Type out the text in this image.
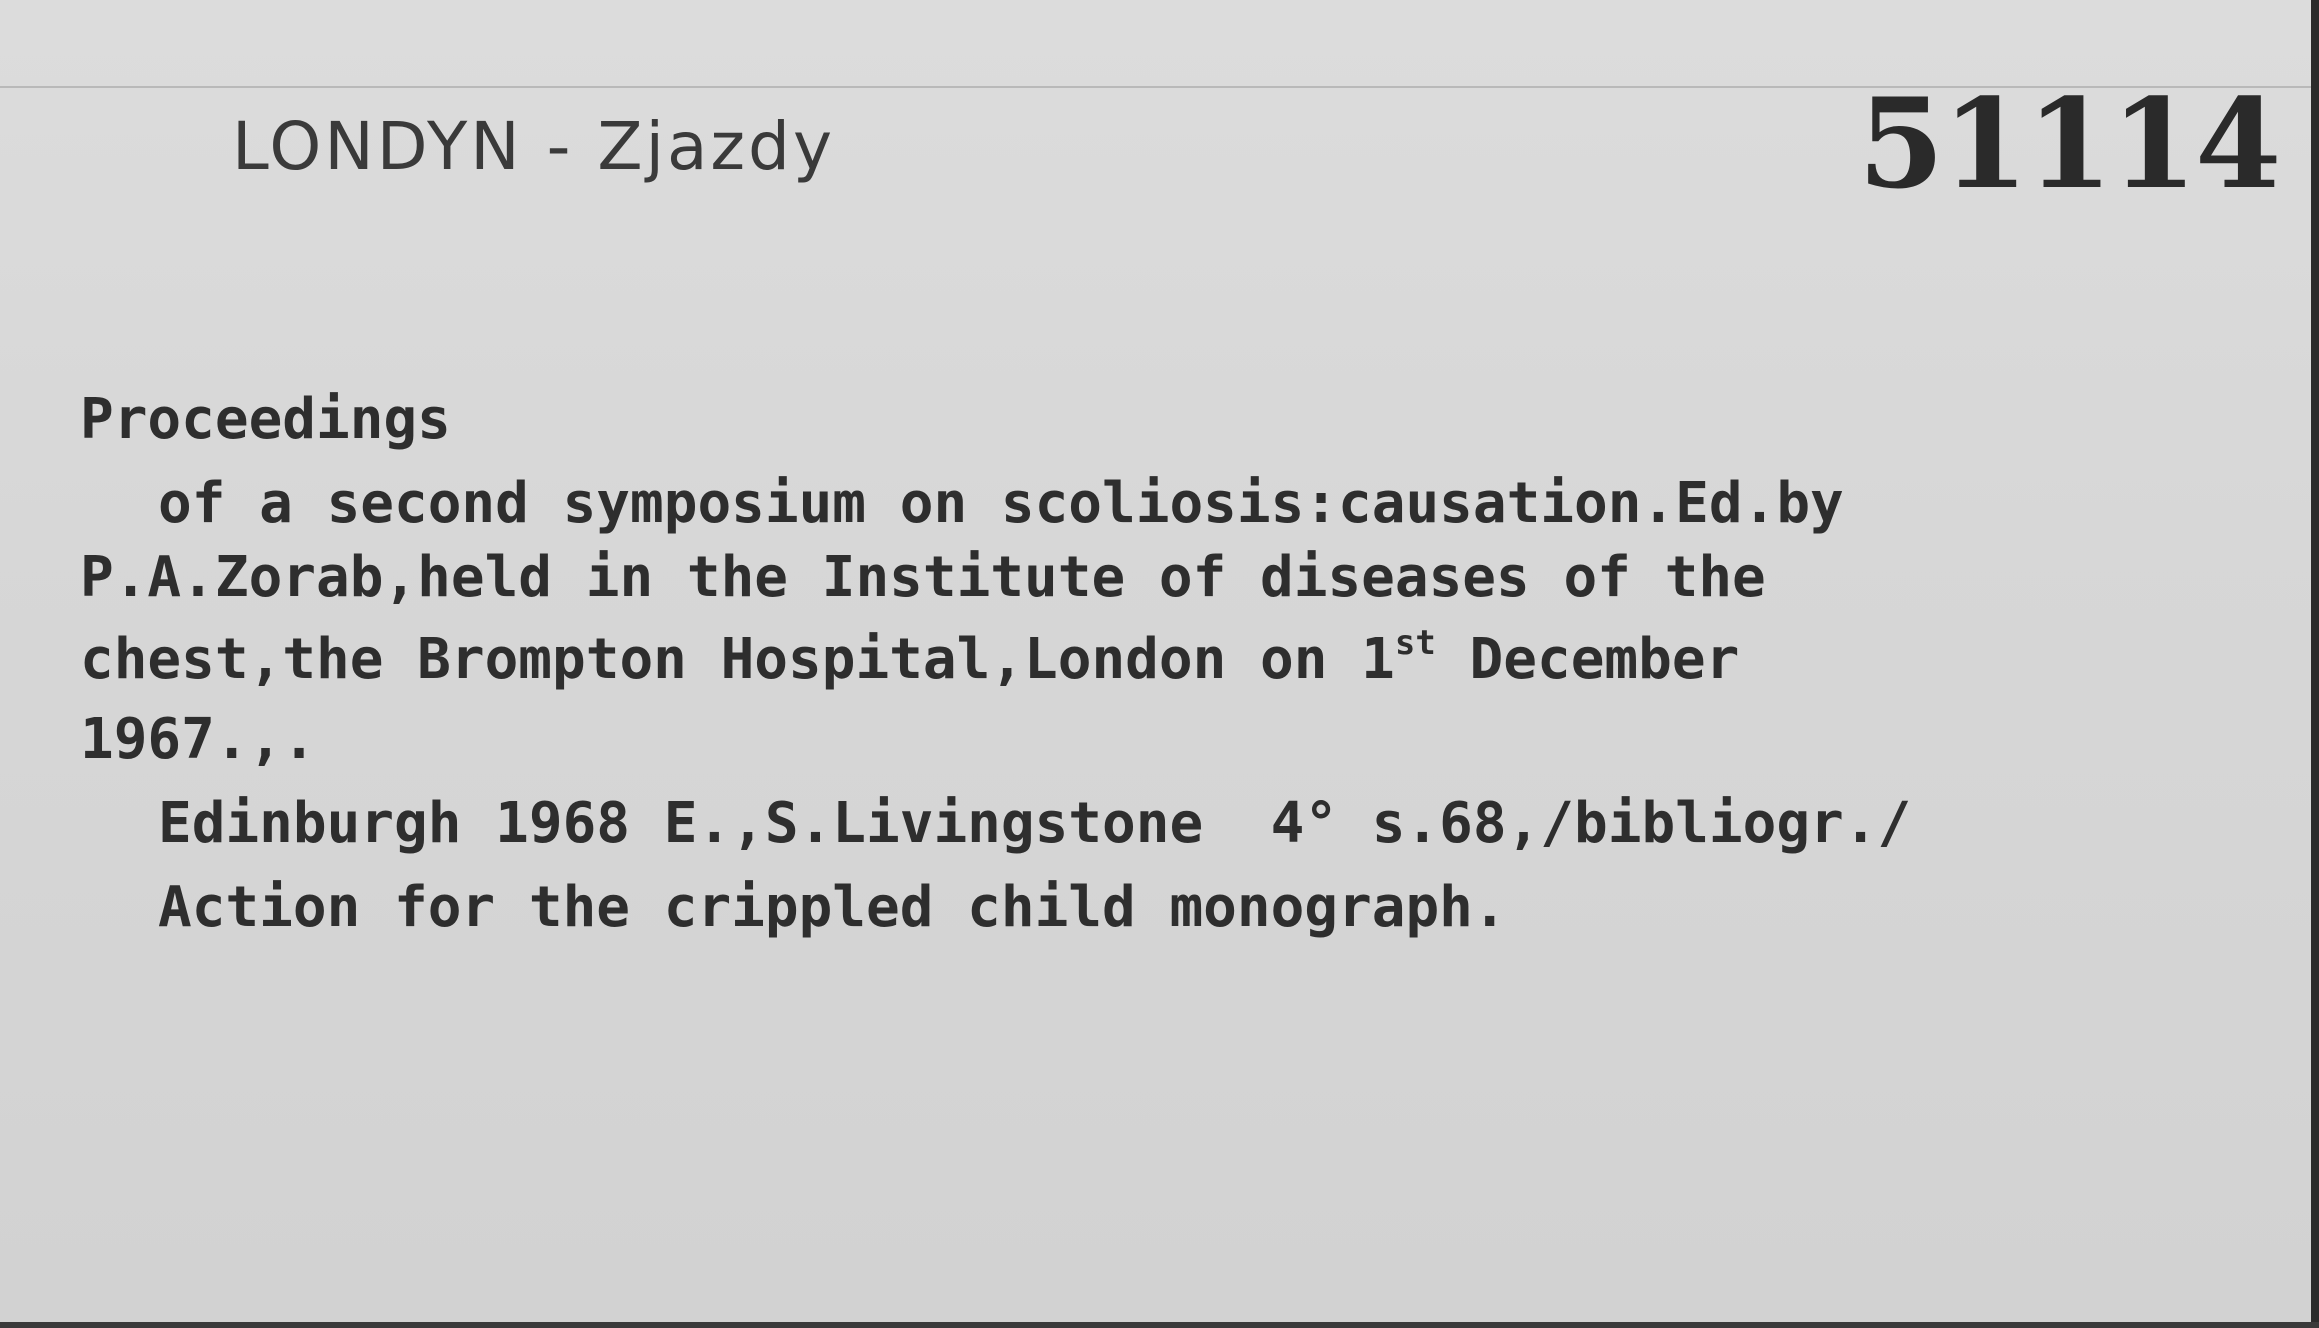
LONDYN - Zjazdy	51114
Proceedings
of a second symposium on scoliosis:causation.Ed.by
P.A.Zorab,held in the Institute of diseases of the
chest,the Brompton Hospital,London on 1st December
1967.,.
Edinburgh 1968 E.,S.Livingstone  4° s.68,/bibliogr./
Action for the crippled child monograph.
